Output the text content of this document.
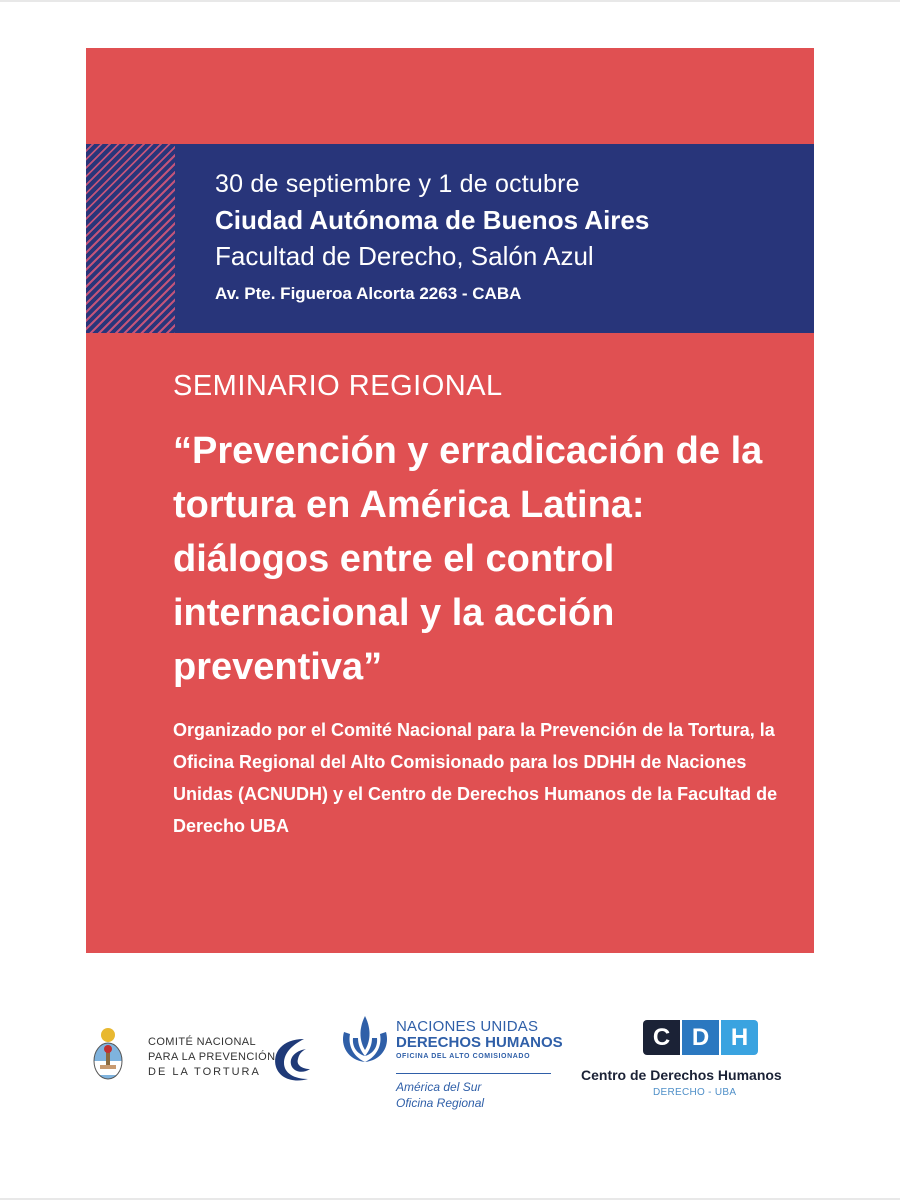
30 de septiembre y 1 de octubre
Ciudad Autónoma de Buenos Aires
Facultad de Derecho, Salón Azul
Av. Pte. Figueroa Alcorta 2263 - CABA
SEMINARIO REGIONAL
“Prevención y erradicación de la tortura en América Latina: diálogos entre el control internacional y la acción preventiva”
Organizado por el Comité Nacional para la Prevención de la Tortura, la Oficina Regional del Alto Comisionado para los DDHH de Naciones Unidas (ACNUDH) y el Centro de Derechos Humanos de la Facultad de Derecho UBA
COMITÉ NACIONAL
PARA LA PREVENCIÓN
DE LA TORTURA
NACIONES UNIDAS
DERECHOS HUMANOS
OFICINA DEL ALTO COMISIONADO
América del Sur
Oficina Regional
C D H
Centro de Derechos Humanos
DERECHO - UBA
